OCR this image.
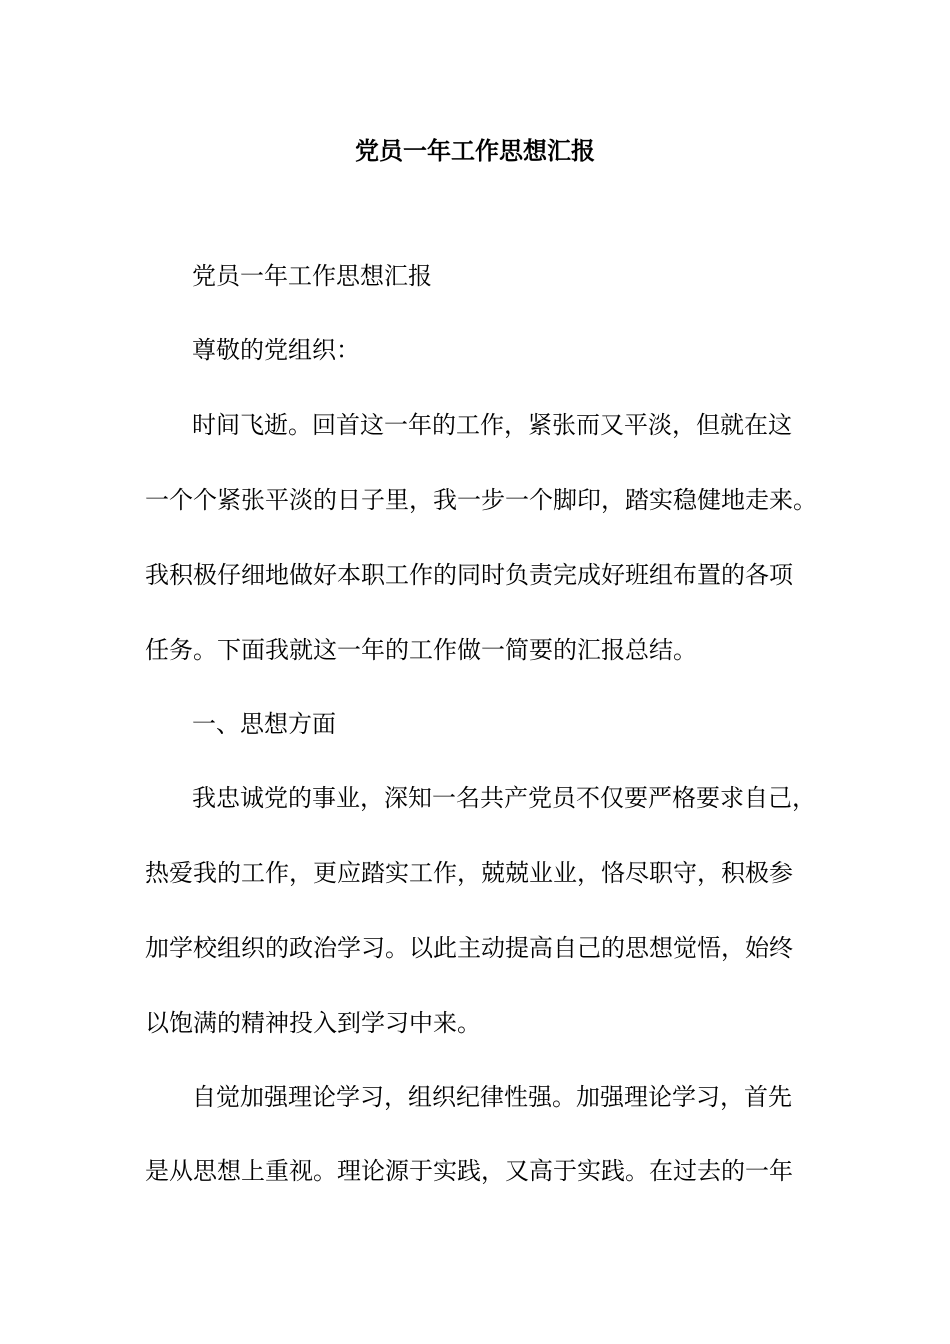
党员一年工作思想汇报

党员一年工作思想汇报

尊敬的党组织：

时间飞逝。回首这一年的工作，紧张而又平淡，但就在这

一个个紧张平淡的日子里，我一步一个脚印，踏实稳健地走来。

我积极仔细地做好本职工作的同时负责完成好班组布置的各项

任务。下面我就这一年的工作做一简要的汇报总结。

一、思想方面

我忠诚党的事业，深知一名共产党员不仅要严格要求自己，

热爱我的工作，更应踏实工作，兢兢业业，恪尽职守，积极参

加学校组织的政治学习。以此主动提高自己的思想觉悟，始终

以饱满的精神投入到学习中来。

自觉加强理论学习，组织纪律性强。加强理论学习，首先

是从思想上重视。理论源于实践，又高于实践。在过去的一年
